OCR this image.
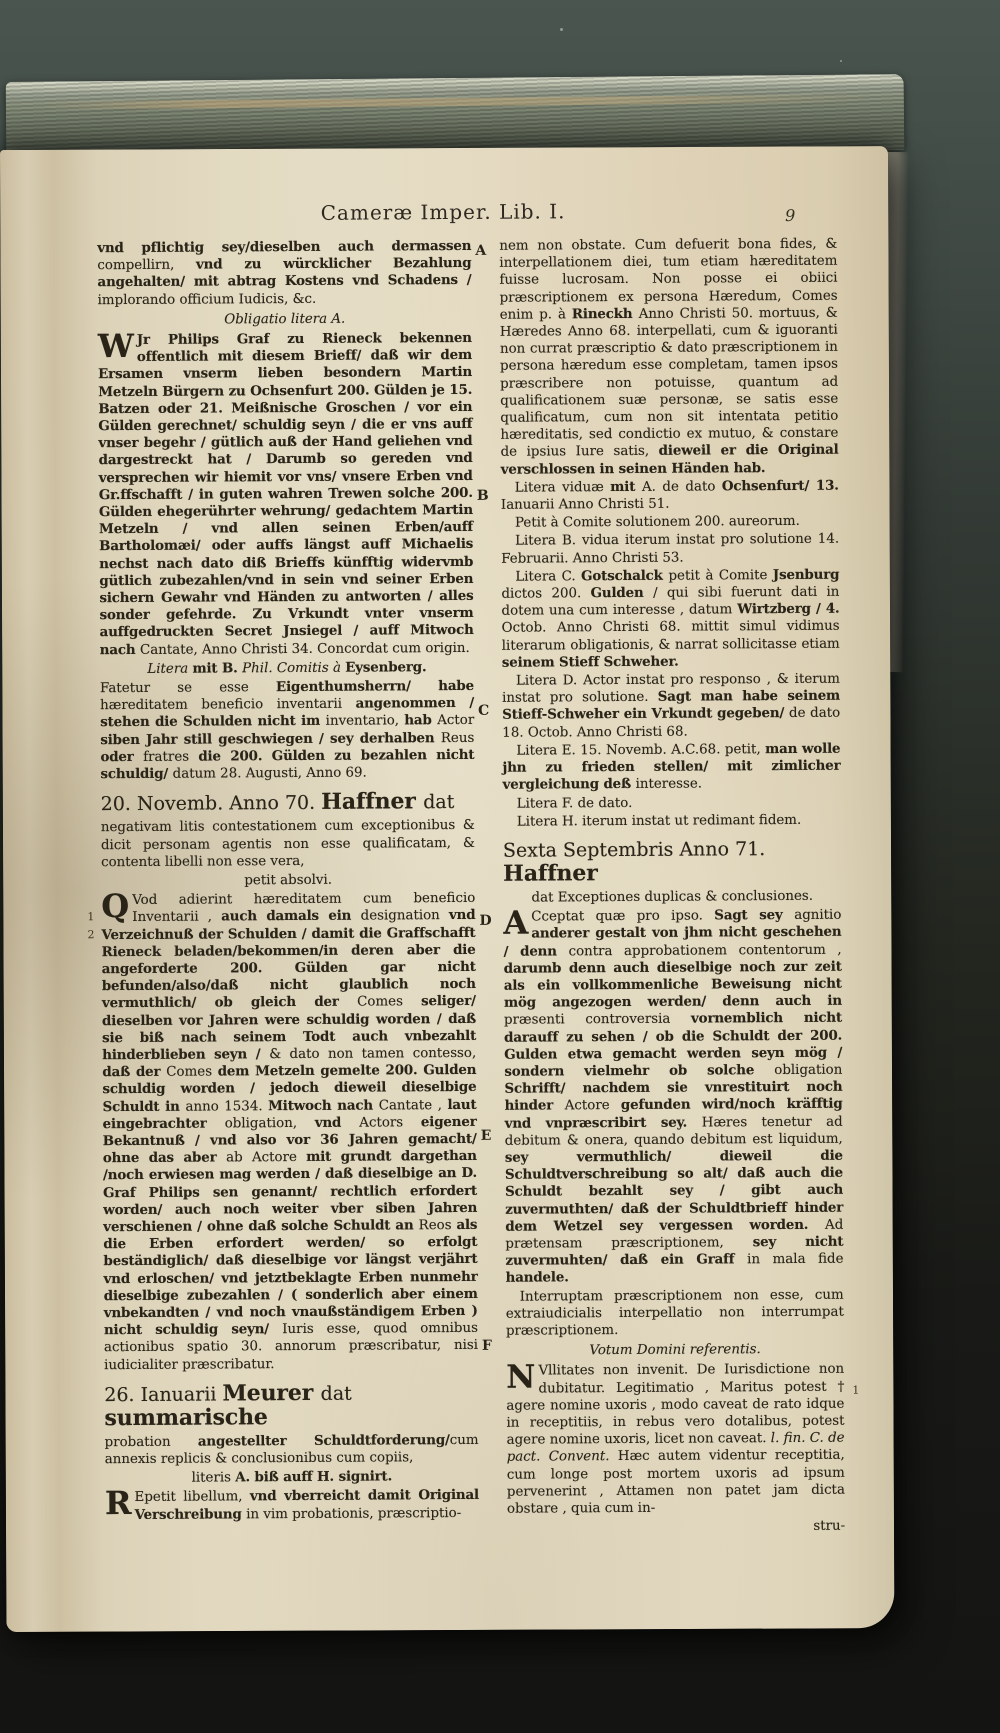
Cameræ Imper. Lib. I.	9

vnd pflichtig sey/dieselben auch dermassen compellirn, vnd zu würcklicher Bezahlung angehalten/ mit abtrag Kostens vnd Schadens / implorando officium Iudicis, &c.

Obligatio litera A.

W Jr Philips Graf zu Rieneck bekennen offentlich mit diesem Brieff/ daß wir dem Ersamen vnserm lieben besondern Martin Metzeln Bürgern zu Ochsenfurt 200. Gülden je 15. Batzen oder 21. Meißnische Groschen / vor ein Gülden gerechnet/ schuldig seyn / die er vns auff vnser begehr / gütlich auß der Hand geliehen vnd dargestreckt hat / Darumb so gereden vnd versprechen wir hiemit vor vns/ vnsere Erben vnd Gr.ffschafft / in guten wahren Trewen solche 200. Gülden ehegerührter wehrung/ gedachtem Martin Metzeln / vnd allen seinen Erben/auff Bartholomæi/ oder auffs längst auff Michaelis nechst nach dato diß Brieffs künfftig widervmb gütlich zubezahlen/vnd in sein vnd seiner Erben sichern Gewahr vnd Händen zu antworten / alles sonder gefehrde. Zu Vrkundt vnter vnserm auffgedruckten Secret Jnsiegel / auff Mitwoch nach Cantate, Anno Christi 34. Concordat cum origin.

Litera mit B. Phil. Comitis à Eysenberg.

Fatetur se esse Eigenthumsherrn/ habe hæreditatem beneficio inventarii angenommen / stehen die Schulden nicht im inventario, hab Actor siben Jahr still geschwiegen / sey derhalben Reus oder fratres die 200. Gülden zu bezahlen nicht schuldig/ datum 28. Augusti, Anno 69.

20. Novemb. Anno 70. Haffner dat

negativam litis contestationem cum exceptionibus & dicit personam agentis non esse qualificatam, & contenta libelli non esse vera,

petit absolvi.

Q Vod adierint hæreditatem cum beneficio Inventarii , auch damals ein designation vnd Verzeichnuß der Schulden / damit die Graffschafft Rieneck beladen/bekommen/in deren aber die angeforderte 200. Gülden gar nicht befunden/also/daß nicht glaublich noch vermuthlich/ ob gleich der Comes seliger/ dieselben vor Jahren were schuldig worden / daß sie biß nach seinem Todt auch vnbezahlt hinderblieben seyn / & dato non tamen contesso, daß der Comes dem Metzeln gemelte 200. Gulden schuldig worden / jedoch dieweil dieselbige Schuldt in anno 1534. Mitwoch nach Cantate , laut eingebrachter obligation, vnd Actors eigener Bekantnuß / vnd also vor 36 Jahren gemacht/ ohne das aber ab Actore mit grundt dargethan /noch erwiesen mag werden / daß dieselbige an D. Graf Philips sen genannt/ rechtlich erfordert worden/ auch noch weiter vber siben Jahren verschienen / ohne daß solche Schuldt an Reos als die Erben erfordert werden/ so erfolgt beständiglich/ daß dieselbige vor längst verjährt vnd erloschen/ vnd jetztbeklagte Erben nunmehr dieselbige zubezahlen / ( sonderlich aber einem vnbekandten / vnd noch vnaußständigem Erben ) nicht schuldig seyn/ Iuris esse, quod omnibus actionibus spatio 30. annorum præscribatur, nisi iudicialiter præscribatur.

26. Ianuarii Meurer dat summarische

probation angestellter Schuldtforderung/cum annexis replicis & conclusionibus cum copiis,

literis A. biß auff H. signirt.

R Epetit libellum, vnd vberreicht damit Original Verschreibung in vim probationis, præscriptio-

nem non obstate. Cum defuerit bona fides, & interpellationem diei, tum etiam hæreditatem fuisse lucrosam. Non posse ei obiici præscriptionem ex persona Hæredum, Comes enim p. à Rineckh Anno Christi 50. mortuus, & Hæredes Anno 68. interpellati, cum & iguoranti non currat præscriptio & dato præscriptionem in persona hæredum esse completam, tamen ipsos præscribere non potuisse, quantum ad qualificationem suæ personæ, se satis esse qualificatum, cum non sit intentata petitio hæreditatis, sed condictio ex mutuo, & constare de ipsius Iure satis, dieweil er die Original verschlossen in seinen Händen hab.

Litera viduæ mit A. de dato Ochsenfurt/ 13. Ianuarii Anno Christi 51.

Petit à Comite solutionem 200. aureorum.

Litera B. vidua iterum instat pro solutione 14. Februarii. Anno Christi 53.

Litera C. Gotschalck petit à Comite Jsenburg dictos 200. Gulden / qui sibi fuerunt dati in dotem una cum interesse , datum Wirtzberg / 4. Octob. Anno Christi 68. mittit simul vidimus literarum obligationis, & narrat sollicitasse etiam seinem Stieff Schweher.

Litera D. Actor instat pro responso , & iterum instat pro solutione. Sagt man habe seinem Stieff-Schweher ein Vrkundt gegeben/ de dato 18. Octob. Anno Christi 68.

Litera E. 15. Novemb. A.C.68. petit, man wolle jhn zu frieden stellen/ mit zimlicher vergleichung deß interesse.

Litera F. de dato.

Litera H. iterum instat ut redimant fidem.

Sexta Septembris Anno 71. Haffner

dat Exceptiones duplicas & conclusiones.

A Cceptat quæ pro ipso. Sagt sey agnitio anderer gestalt von jhm nicht geschehen / denn contra approbationem contentorum , darumb denn auch dieselbige noch zur zeit als ein vollkommenliche Beweisung nicht mög angezogen werden/ denn auch in præsenti controversia vornemblich nicht darauff zu sehen / ob die Schuldt der 200. Gulden etwa gemacht werden seyn mög / sondern vielmehr ob solche obligation Schrifft/ nachdem sie vnrestituirt noch hinder Actore gefunden wird/noch kräfftig vnd vnpræscribirt sey. Hæres tenetur ad debitum & onera, quando debitum est liquidum, sey vermuthlich/ dieweil die Schuldtverschreibung so alt/ daß auch die Schuldt bezahlt sey / gibt auch zuvermuthten/ daß der Schuldtbrieff hinder dem Wetzel sey vergessen worden. Ad prætensam præscriptionem, sey nicht zuvermuhten/ daß ein Graff in mala fide handele.

Interruptam præscriptionem non esse, cum extraiudicialis interpellatio non interrumpat præscriptionem.

Votum Domini referentis.

N Vllitates non invenit. De Iurisdictione non dubitatur. Legitimatio , Maritus potest † agere nomine uxoris , modo caveat de rato idque in receptitiis, in rebus vero dotalibus, potest agere nomine uxoris, licet non caveat. l. fin. C. de pact. Convent. Hæc autem videntur receptitia, cum longe post mortem uxoris ad ipsum pervenerint , Attamen non patet jam dicta obstare , quia cum in-

stru-

A
B
C
D
E
F
1
2
1
